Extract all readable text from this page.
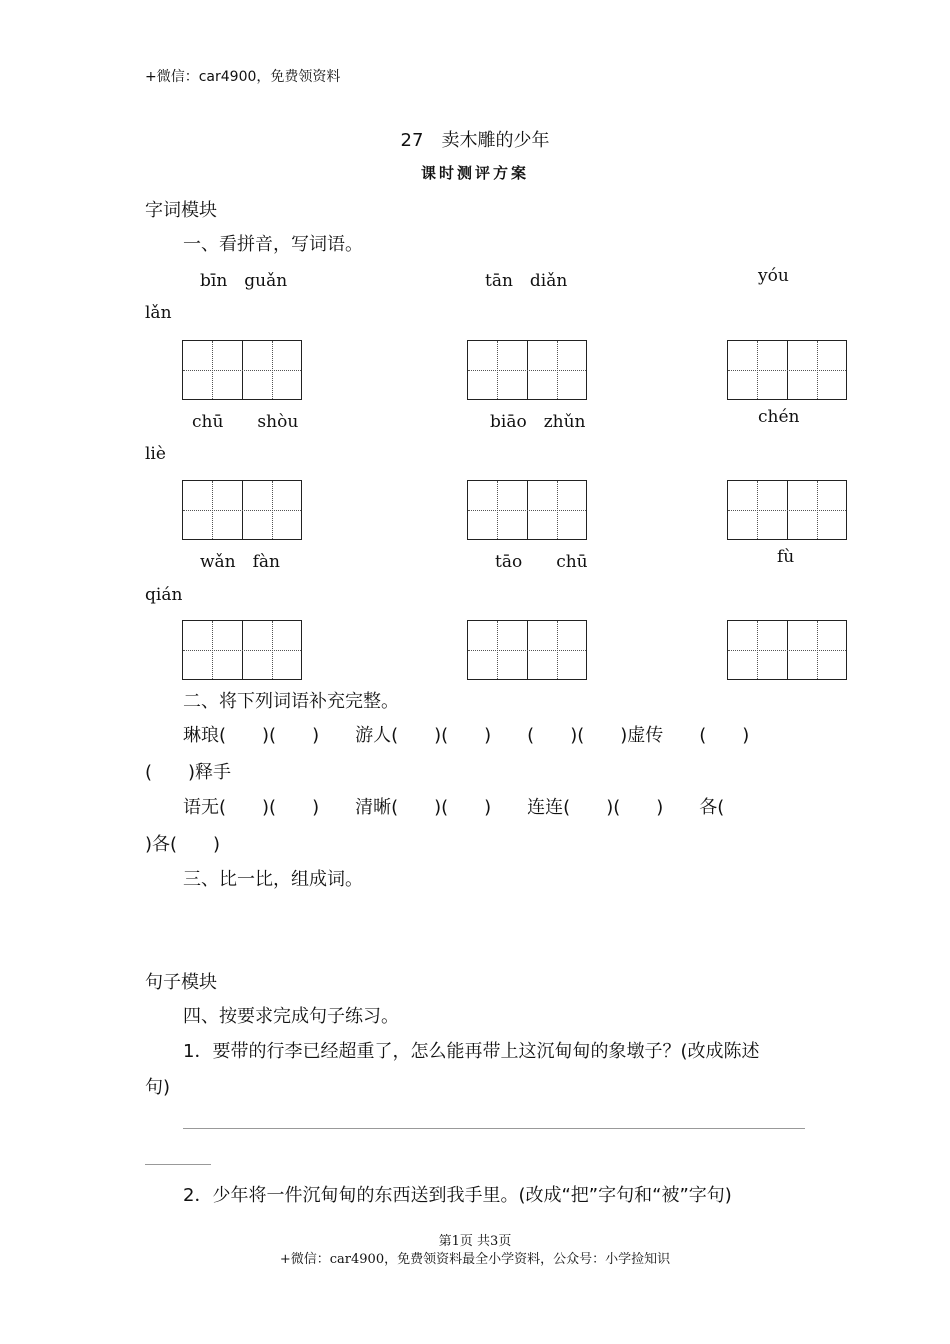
+微信：car4900，免费领资料
27　卖木雕的少年
课时测评方案
字词模块
一、看拼音，写词语。
bīn　guǎn	tān　diǎn	yóu
lǎn
chū　　shòu	biāo　zhǔn	chén
liè
wǎn　fàn	tāo　　chū	fù
qián
二、将下列词语补充完整。
琳琅(　　)(　　)　　游人(　　)(　　)　　(　　)(　　)虚传　　(　　)
(　　)释手
语无(　　)(　　)　　清晰(　　)(　　)　　连连(　　)(　　)　　各(
)各(　　)
三、比一比，组成词。
句子模块
四、按要求完成句子练习。
1．要带的行李已经超重了，怎么能再带上这沉甸甸的象墩子？(改成陈述
句)
2．少年将一件沉甸甸的东西送到我手里。(改成“把”字句和“被”字句)
第1页 共3页
+微信：car4900，免费领资料最全小学资料，公众号：小学捡知识
